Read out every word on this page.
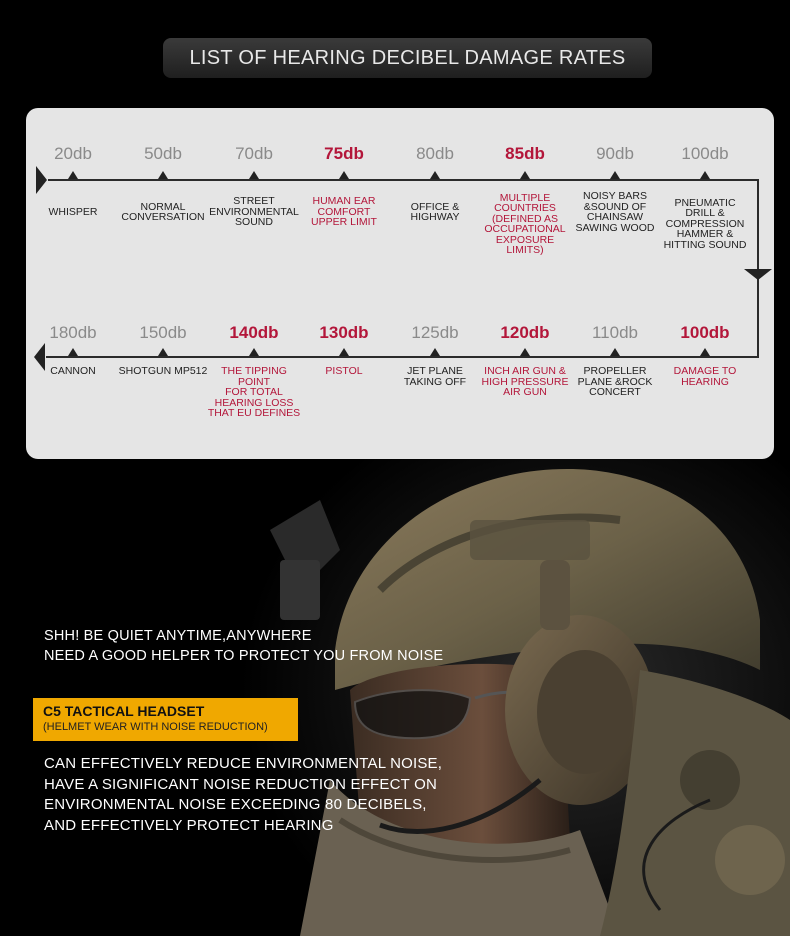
LIST OF HEARING DECIBEL DAMAGE RATES
20db
WHISPER
50db
NORMAL
CONVERSATION
70db
STREET
ENVIRONMENTAL
SOUND
75db
HUMAN EAR
COMFORT
UPPER LIMIT
80db
OFFICE &
HIGHWAY
85db
MULTIPLE
COUNTRIES
(DEFINED AS
OCCUPATIONAL
EXPOSURE
LIMITS)
90db
NOISY BARS
&SOUND OF
CHAINSAW
SAWING WOOD
100db
PNEUMATIC
DRILL &
COMPRESSION
HAMMER &
HITTING SOUND
180db
CANNON
150db
SHOTGUN MP512
140db
THE TIPPING
POINT
FOR TOTAL
HEARING LOSS
THAT EU DEFINES
130db
PISTOL
125db
JET PLANE
TAKING OFF
120db
INCH AIR GUN &
HIGH PRESSURE
AIR GUN
110db
PROPELLER
PLANE &ROCK
CONCERT
100db
DAMAGE TO
HEARING
SHH! BE QUIET ANYTIME,ANYWHERE
NEED A GOOD HELPER TO PROTECT YOU FROM NOISE
C5 TACTICAL HEADSET
(HELMET WEAR WITH NOISE REDUCTION)
CAN EFFECTIVELY REDUCE ENVIRONMENTAL NOISE,
HAVE A SIGNIFICANT NOISE REDUCTION EFFECT ON
ENVIRONMENTAL NOISE EXCEEDING 80 DECIBELS,
AND EFFECTIVELY PROTECT HEARING
